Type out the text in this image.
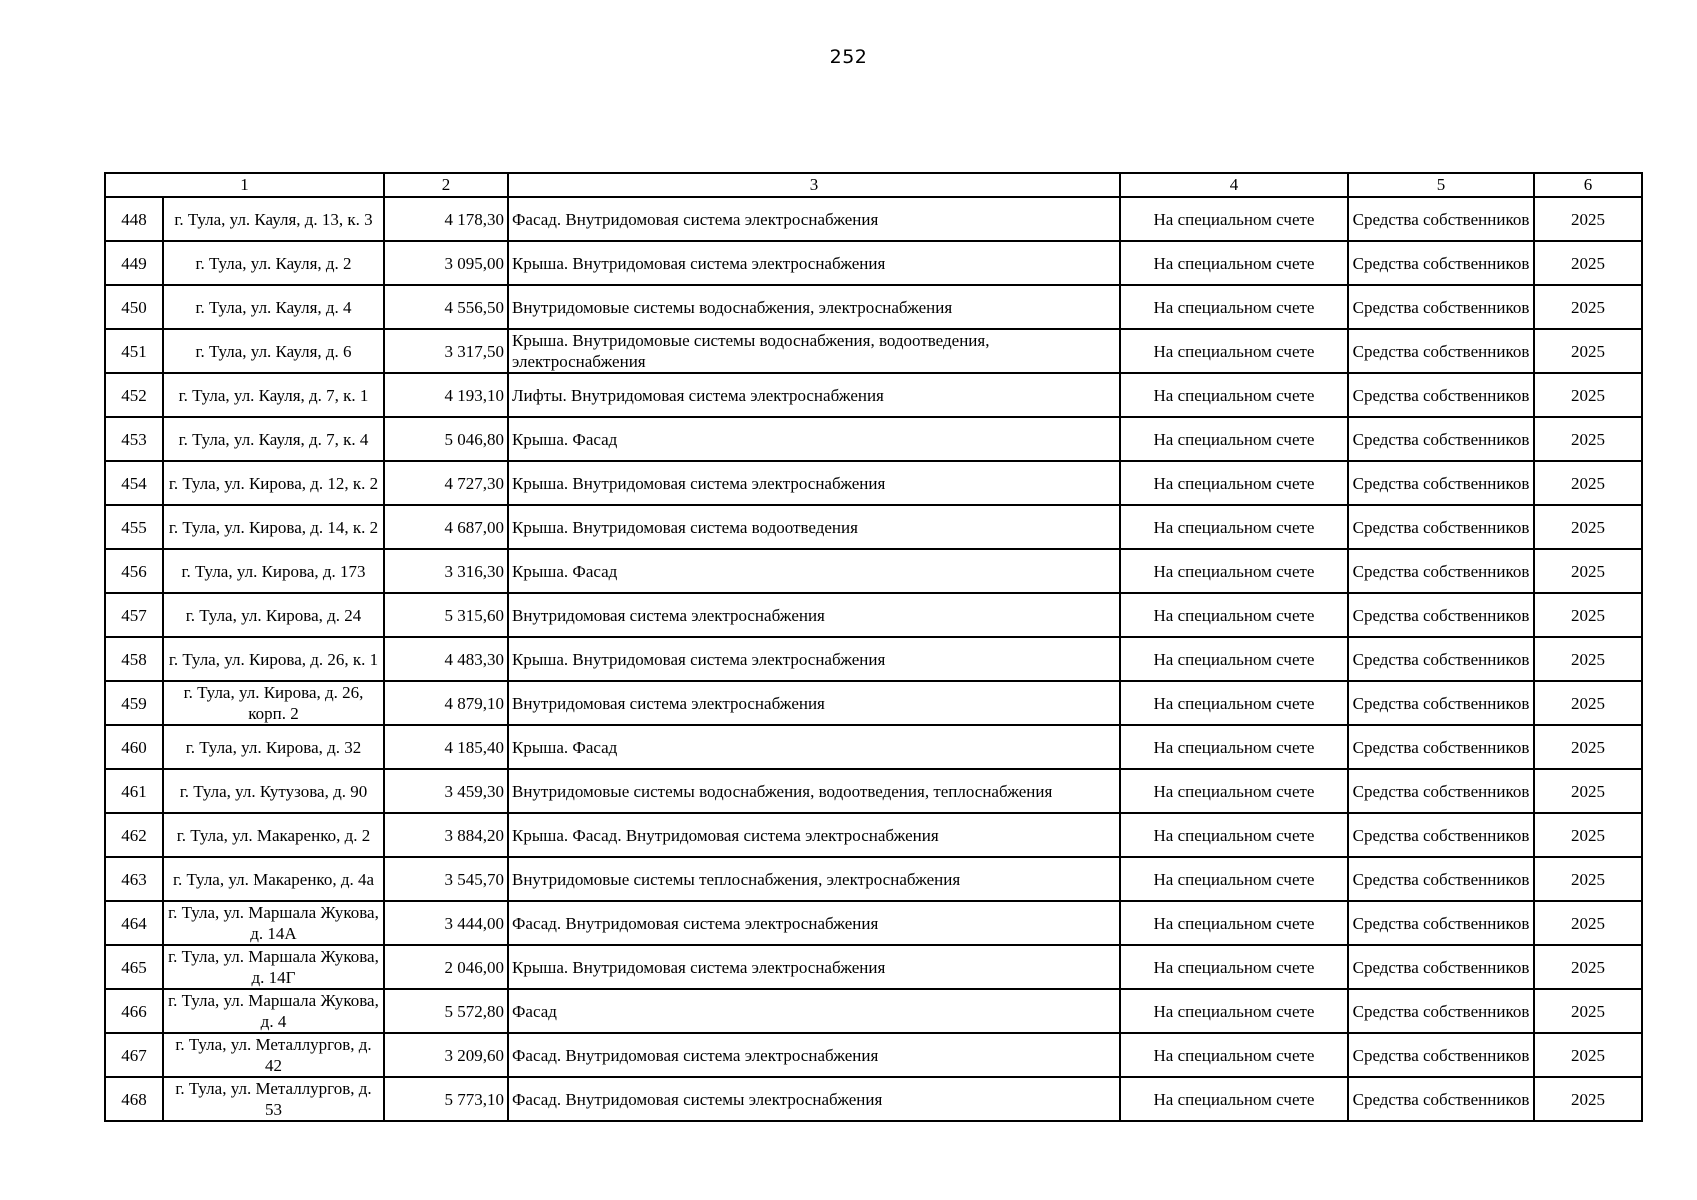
252
1		2	3	4	5	6
448	г. Тула, ул. Кауля, д. 13, к. 3	4 178,30	Фасад. Внутридомовая система электроснабжения	На специальном счете	Средства собственников	2025
449	г. Тула, ул. Кауля, д. 2	3 095,00	Крыша. Внутридомовая система электроснабжения	На специальном счете	Средства собственников	2025
450	г. Тула, ул. Кауля, д. 4	4 556,50	Внутридомовые системы водоснабжения, электроснабжения	На специальном счете	Средства собственников	2025
451	г. Тула, ул. Кауля, д. 6	3 317,50	Крыша. Внутридомовые системы водоснабжения, водоотведения, электроснабжения	На специальном счете	Средства собственников	2025
452	г. Тула, ул. Кауля, д. 7, к. 1	4 193,10	Лифты. Внутридомовая система электроснабжения	На специальном счете	Средства собственников	2025
453	г. Тула, ул. Кауля, д. 7, к. 4	5 046,80	Крыша. Фасад	На специальном счете	Средства собственников	2025
454	г. Тула, ул. Кирова, д. 12, к. 2	4 727,30	Крыша. Внутридомовая система электроснабжения	На специальном счете	Средства собственников	2025
455	г. Тула, ул. Кирова, д. 14, к. 2	4 687,00	Крыша. Внутридомовая система водоотведения	На специальном счете	Средства собственников	2025
456	г. Тула, ул. Кирова, д. 173	3 316,30	Крыша. Фасад	На специальном счете	Средства собственников	2025
457	г. Тула, ул. Кирова, д. 24	5 315,60	Внутридомовая система электроснабжения	На специальном счете	Средства собственников	2025
458	г. Тула, ул. Кирова, д. 26, к. 1	4 483,30	Крыша. Внутридомовая система электроснабжения	На специальном счете	Средства собственников	2025
459	г. Тула, ул. Кирова, д. 26, корп. 2	4 879,10	Внутридомовая система электроснабжения	На специальном счете	Средства собственников	2025
460	г. Тула, ул. Кирова, д. 32	4 185,40	Крыша. Фасад	На специальном счете	Средства собственников	2025
461	г. Тула, ул. Кутузова, д. 90	3 459,30	Внутридомовые системы водоснабжения, водоотведения, теплоснабжения	На специальном счете	Средства собственников	2025
462	г. Тула, ул. Макаренко, д. 2	3 884,20	Крыша. Фасад. Внутридомовая система электроснабжения	На специальном счете	Средства собственников	2025
463	г. Тула, ул. Макаренко, д. 4а	3 545,70	Внутридомовые системы теплоснабжения, электроснабжения	На специальном счете	Средства собственников	2025
464	г. Тула, ул. Маршала Жукова, д. 14А	3 444,00	Фасад. Внутридомовая система электроснабжения	На специальном счете	Средства собственников	2025
465	г. Тула, ул. Маршала Жукова, д. 14Г	2 046,00	Крыша. Внутридомовая система электроснабжения	На специальном счете	Средства собственников	2025
466	г. Тула, ул. Маршала Жукова, д. 4	5 572,80	Фасад	На специальном счете	Средства собственников	2025
467	г. Тула, ул. Металлургов, д. 42	3 209,60	Фасад. Внутридомовая система электроснабжения	На специальном счете	Средства собственников	2025
468	г. Тула, ул. Металлургов, д. 53	5 773,10	Фасад. Внутридомовая системы электроснабжения	На специальном счете	Средства собственников	2025
